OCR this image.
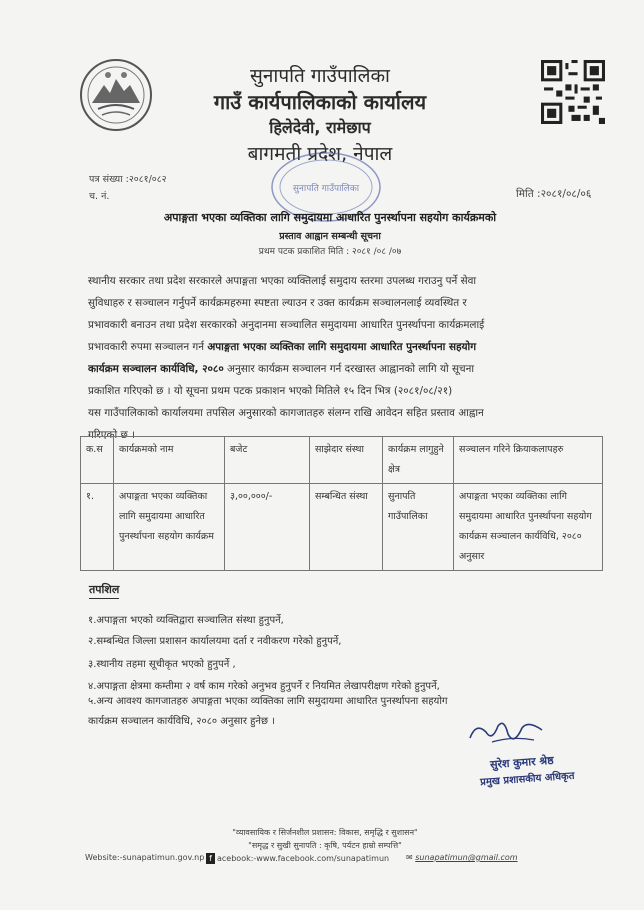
सुनापति गाउँपालिका
गाउँ कार्यपालिकाको कार्यालय
हिलेदेवी, रामेछाप
बागमती प्रदेश, नेपाल
पत्र संख्या :२०८१/०८२
च. नं.	मिति :२०८१/०८/०६
सुनापति गाउँपालिका
अपाङ्गता भएका व्यक्तिका लागि समुदायमा आधारित पुनर्स्थापना सहयोग कार्यक्रमको
प्रस्ताव आह्वान सम्बन्धी सूचना
प्रथम पटक प्रकाशित मिति : २०८१ /०८ /०७
स्थानीय सरकार तथा प्रदेश सरकारले अपाङ्गता भएका व्यक्तिलाई समुदाय स्तरमा उपलब्ध गराउनु पर्ने सेवा
सुविधाहरु र सञ्चालन गर्नुपर्ने कार्यक्रमहरुमा स्पष्टता ल्याउन र उक्त कार्यक्रम सञ्चालनलाई व्यवस्थित र
प्रभावकारी बनाउन तथा प्रदेश सरकारको अनुदानमा सञ्चालित समुदायमा आधारित पुनर्स्थापना कार्यक्रमलाई
प्रभावकारी रुपमा सञ्चालन गर्न अपाङ्गता भएका व्यक्तिका लागि समुदायमा आधारित पुनर्स्थापना सहयोग
कार्यक्रम सञ्चालन कार्यविधि, २०८० अनुसार कार्यक्रम सञ्चालन गर्न दरखास्त आह्वानको लागि यो सूचना
प्रकाशित गरिएको छ । यो सूचना प्रथम पटक प्रकाशन भएको मितिले १५ दिन भित्र (२०८१/०८/२१)
यस गाउँपालिकाको कार्यालयमा तपसिल अनुसारको कागजातहरु संलग्न राखि आवेदन सहित प्रस्ताव आह्वान
गरिएको छ ।
क.स	कार्यक्रमको नाम	बजेट	साझेदार संस्था	कार्यक्रम लागुहुने क्षेत्र	सञ्चालन गरिने क्रियाकलापहरु
१.	अपाङ्गता भएका व्यक्तिका लागि समुदायमा आधारित पुनर्स्थापना सहयोग कार्यक्रम	३,००,०००/-	सम्बन्धित संस्था	सुनापति गाउँपालिका	अपाङ्गता भएका व्यक्तिका लागि समुदायमा आधारित पुनर्स्थापना सहयोग कार्यक्रम सञ्चालन कार्यविधि, २०८० अनुसार
तपशिल
१.अपाङ्गता भएको व्यक्तिद्वारा सञ्चालित संस्था हुनुपर्ने,
२.सम्बन्धित जिल्ला प्रशासन कार्यालयमा दर्ता र नवीकरण गरेको हुनुपर्ने,
३.स्थानीय तहमा सूचीकृत भएको हुनुपर्ने ,
४.अपाङ्गता क्षेत्रमा कम्तीमा २ वर्ष काम गरेको अनुभव हुनुपर्ने र नियमित लेखापरीक्षण गरेको हुनुपर्ने,
५.अन्य आवश्य कागजातहरु अपाङ्गता भएका व्यक्तिका लागि समुदायमा आधारित पुनर्स्थापना सहयोग
कार्यक्रम सञ्चालन कार्यविधि, २०८० अनुसार हुनेछ ।
सुरेश कुमार श्रेष्ठ
प्रमुख प्रशासकीय अधिकृत
"व्यावसायिक र सिर्जनशील प्रशासन: विकास, समृद्धि र सुशासन"
"समृद्ध र सुखी सुनापति : कृषि, पर्यटन हाम्रो सम्पत्ति"
Website:-sunapatimun.gov.np f acebook:-www.facebook.com/sunapatimun ✉ sunapatimun@gmail.com
